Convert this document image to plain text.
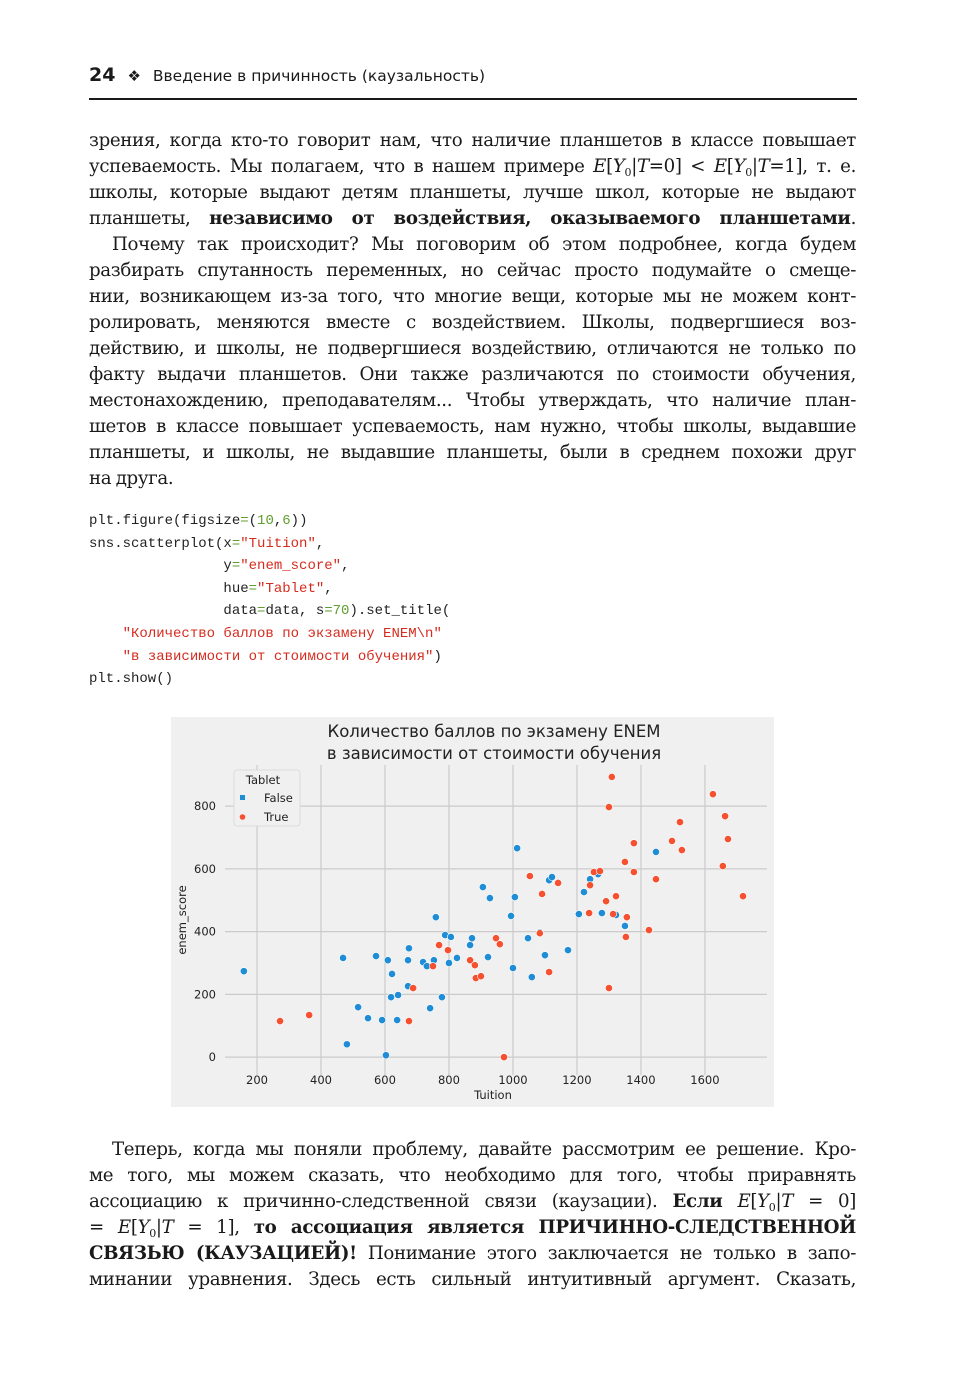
24 ❖ Введение в причинность (каузальность)
зрения, когда кто-то говорит нам, что наличие планшетов в классе повышает
успеваемость. Мы полагаем, что в нашем примере $E[Y_0|T=0] < E[Y_0|T=1]$, т. е.
школы, которые выдают детям планшеты, лучше школ, которые не выдают
планшеты, независимо от воздействия, оказываемого планшетами.
Почему так происходит? Мы поговорим об этом подробнее, когда будем
разбирать спутанность переменных, но сейчас просто подумайте о смеще-
нии, возникающем из-за того, что многие вещи, которые мы не можем конт-
ролировать, меняются вместе с воздействием. Школы, подвергшиеся воз-
действию, и школы, не подвергшиеся воздействию, отличаются не только по
факту выдачи планшетов. Они также различаются по стоимости обучения,
местонахождению, преподавателям... Чтобы утверждать, что наличие план-
шетов в классе повышает успеваемость, нам нужно, чтобы школы, выдавшие
планшеты, и школы, не выдавшие планшеты, были в среднем похожи друг
на друга.
plt.figure(figsize=(10,6))
sns.scatterplot(x="Tuition",
y="enem_score",
hue="Tablet",
data=data, s=70).set_title(
"Количество баллов по экзамену ENEM\n"
"в зависимости от стоимости обучения")
plt.show()
200	400	600	800	1000	1200	1400	1600
0
200
400
600
800
Количество баллов по экзамену ENEM
в зависимости от стоимости обучения
Tuition
enem_score
Tablet
False
True
Теперь, когда мы поняли проблему, давайте рассмотрим ее решение. Кро-
ме того, мы можем сказать, что необходимо для того, чтобы приравнять
ассоциацию к причинно-следственной связи (каузации). Если $E[Y_0|T = 0]$
= $E[Y_0|T = 1]$, то ассоциация является ПРИЧИННО-СЛЕДСТВЕННОЙ
СВЯЗЬЮ (КАУЗАЦИЕЙ)! Понимание этого заключается не только в запо-
минании уравнения. Здесь есть сильный интуитивный аргумент. Сказать,
